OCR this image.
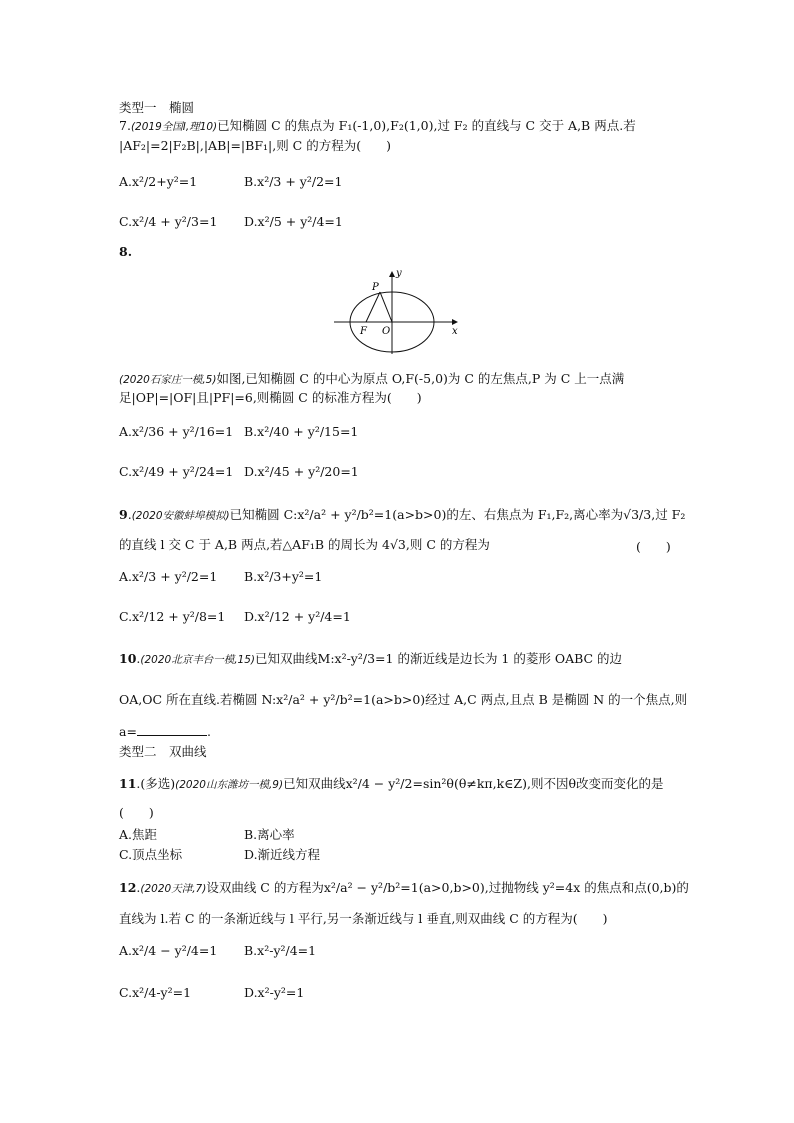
类型一　椭圆
7.(2019全国Ⅰ,理10)已知椭圆 C 的焦点为 F₁(-1,0),F₂(1,0),过 F₂ 的直线与 C 交于 A,B 两点.若
|AF₂|=2|F₂B|,|AB|=|BF₁|,则 C 的方程为(　　)
A.x²/2+y²=1	B.x²/3 + y²/2=1
C.x²/4 + y²/3=1 D.x²/5 + y²/4=1
8.
y
x
P
F O
(2020石家庄一模,5)如图,已知椭圆 C 的中心为原点 O,F(-5,0)为 C 的左焦点,P 为 C 上一点满
足|OP|=|OF|且|PF|=6,则椭圆 C 的标准方程为(　　)
A.x²/36 + y²/16=1 B.x²/40 + y²/15=1
C.x²/49 + y²/24=1 D.x²/45 + y²/20=1
9.(2020安徽蚌埠模拟)已知椭圆 C:x²/a² + y²/b²=1(a>b>0)的左、右焦点为 F₁,F₂,离心率为√3/3,过 F₂
的直线 l 交 C 于 A,B 两点,若△AF₁B 的周长为 4√3,则 C 的方程为	(　　)
A.x²/3 + y²/2=1 B.x²/3+y²=1
C.x²/12 + y²/8=1 D.x²/12 + y²/4=1
10.(2020北京丰台一模,15)已知双曲线M:x²-y²/3=1 的渐近线是边长为 1 的菱形 OABC 的边
OA,OC 所在直线.若椭圆 N:x²/a² + y²/b²=1(a>b>0)经过 A,C 两点,且点 B 是椭圆 N 的一个焦点,则
a=	.
类型二　双曲线
11.(多选)(2020山东潍坊一模,9)已知双曲线x²/4 − y²/2=sin²θ(θ≠kπ,k∈Z),则不因θ改变而变化的是
(　　)
A.焦距	B.离心率
C.顶点坐标	D.渐近线方程
12.(2020天津,7)设双曲线 C 的方程为x²/a² − y²/b²=1(a>0,b>0),过抛物线 y²=4x 的焦点和点(0,b)的
直线为 l.若 C 的一条渐近线与 l 平行,另一条渐近线与 l 垂直,则双曲线 C 的方程为(　　)
A.x²/4 − y²/4=1 B.x²-y²/4=1
C.x²/4-y²=1	D.x²-y²=1
